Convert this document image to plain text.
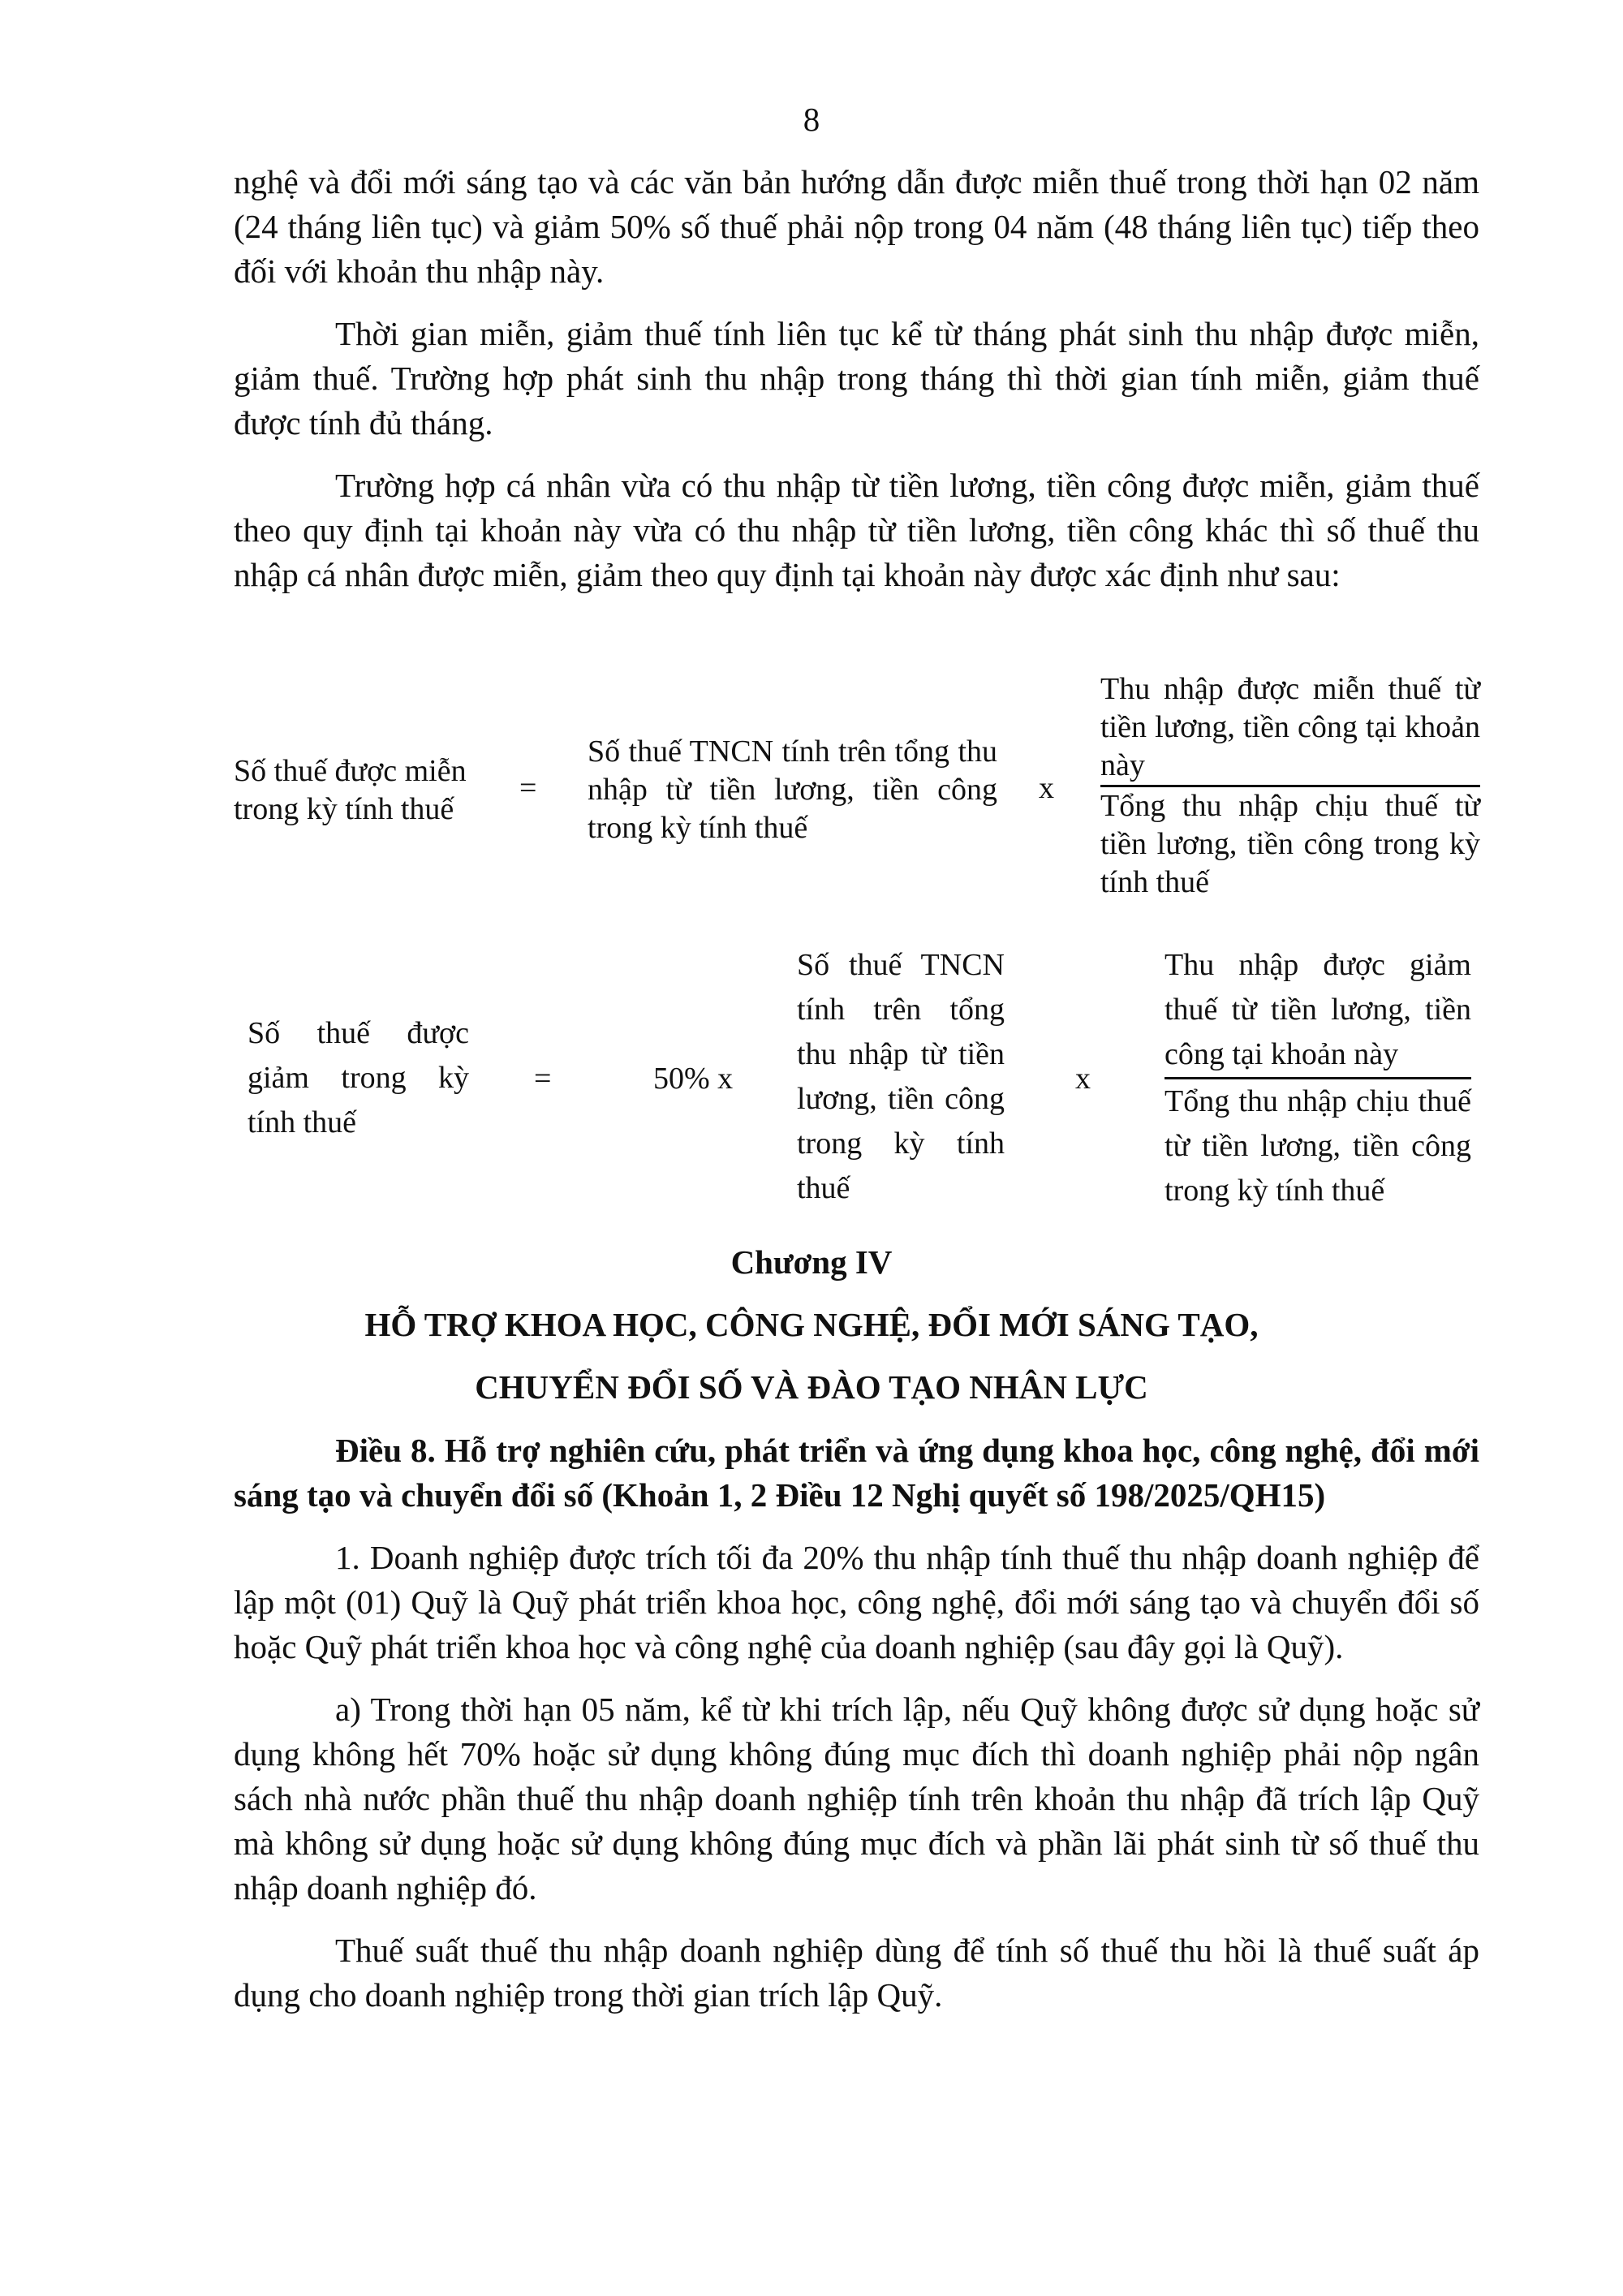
8

nghệ và đổi mới sáng tạo và các văn bản hướng dẫn được miễn thuế trong thời hạn 02 năm (24 tháng liên tục) và giảm 50% số thuế phải nộp trong 04 năm (48 tháng liên tục) tiếp theo đối với khoản thu nhập này.

Thời gian miễn, giảm thuế tính liên tục kể từ tháng phát sinh thu nhập được miễn, giảm thuế. Trường hợp phát sinh thu nhập trong tháng thì thời gian tính miễn, giảm thuế được tính đủ tháng.

Trường hợp cá nhân vừa có thu nhập từ tiền lương, tiền công được miễn, giảm thuế theo quy định tại khoản này vừa có thu nhập từ tiền lương, tiền công khác thì số thuế thu nhập cá nhân được miễn, giảm theo quy định tại khoản này được xác định như sau:

Số thuế được miễn trong kỳ tính thuế
=
Số thuế TNCN tính trên tổng thu nhập từ tiền lương, tiền công trong kỳ tính thuế
x
Thu nhập được miễn thuế từ tiền lương, tiền công tại khoản này
Tổng thu nhập chịu thuế từ tiền lương, tiền công trong kỳ tính thuế
Số thuế được giảm trong kỳ tính thuế
=	50% x
Số thuế TNCN tính trên tổng thu nhập từ tiền lương, tiền công trong kỳ tính thuế
x
Thu nhập được giảm thuế từ tiền lương, tiền công tại khoản này
Tổng thu nhập chịu thuế từ tiền lương, tiền công trong kỳ tính thuế
Chương IV
HỖ TRỢ KHOA HỌC, CÔNG NGHỆ, ĐỔI MỚI SÁNG TẠO,
CHUYỂN ĐỔI SỐ VÀ ĐÀO TẠO NHÂN LỰC

Điều 8. Hỗ trợ nghiên cứu, phát triển và ứng dụng khoa học, công nghệ, đổi mới sáng tạo và chuyển đổi số (Khoản 1, 2 Điều 12 Nghị quyết số 198/2025/QH15)

1. Doanh nghiệp được trích tối đa 20% thu nhập tính thuế thu nhập doanh nghiệp để lập một (01) Quỹ là Quỹ phát triển khoa học, công nghệ, đổi mới sáng tạo và chuyển đổi số hoặc Quỹ phát triển khoa học và công nghệ của doanh nghiệp (sau đây gọi là Quỹ).

a) Trong thời hạn 05 năm, kể từ khi trích lập, nếu Quỹ không được sử dụng hoặc sử dụng không hết 70% hoặc sử dụng không đúng mục đích thì doanh nghiệp phải nộp ngân sách nhà nước phần thuế thu nhập doanh nghiệp tính trên khoản thu nhập đã trích lập Quỹ mà không sử dụng hoặc sử dụng không đúng mục đích và phần lãi phát sinh từ số thuế thu nhập doanh nghiệp đó.

Thuế suất thuế thu nhập doanh nghiệp dùng để tính số thuế thu hồi là thuế suất áp dụng cho doanh nghiệp trong thời gian trích lập Quỹ.
